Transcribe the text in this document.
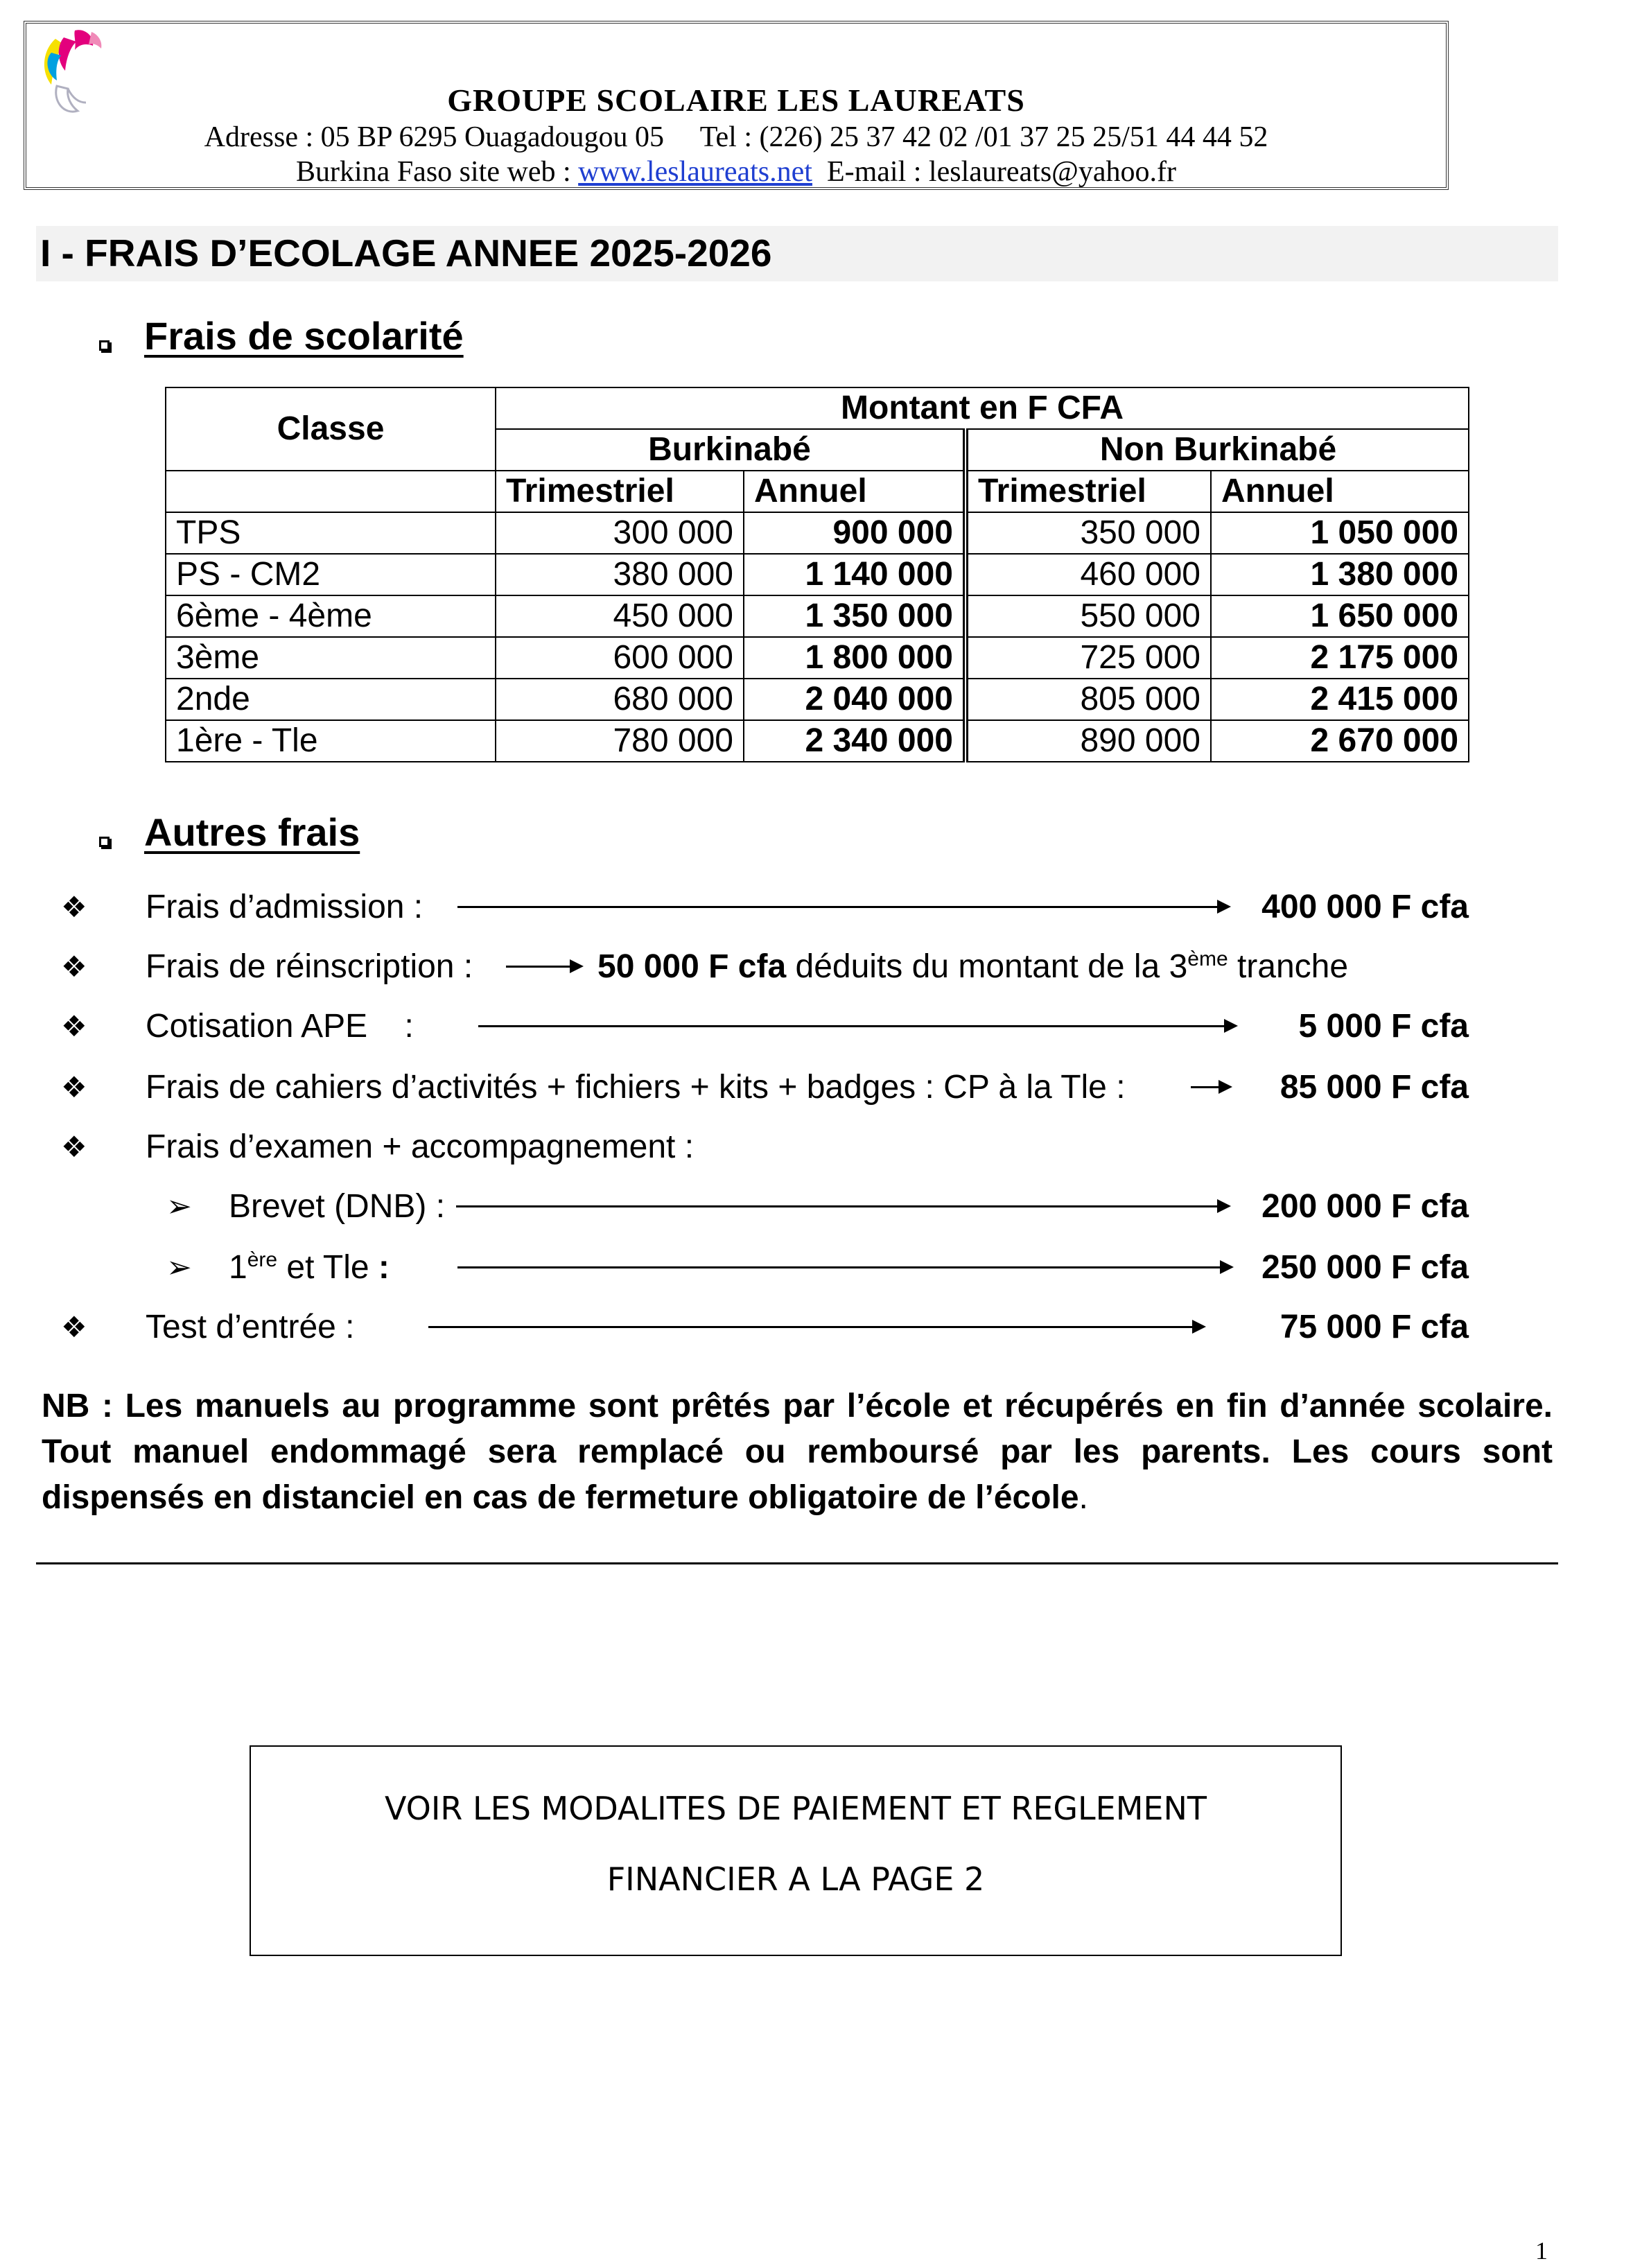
GROUPE SCOLAIRE LES LAUREATS
Adresse : 05 BP 6295 Ouagadougou 05     Tel : (226) 25 37 42 02 /01 37 25 25/51 44 44 52
Burkina Faso site web : www.leslaureats.net  E-mail : leslaureats@yahoo.fr
I - FRAIS D’ECOLAGE ANNEE 2025-2026
Frais de scolarité
Classe	Montant en F CFA			
	Burkinabé		Non Burkinabé	
	Trimestriel	Annuel	Trimestriel	Annuel
TPS	300 000	900 000	350 000	1 050 000
PS - CM2	380 000	1 140 000	460 000	1 380 000
6ème - 4ème	450 000	1 350 000	550 000	1 650 000
3ème	600 000	1 800 000	725 000	2 175 000
2nde	680 000	2 040 000	805 000	2 415 000
1ère - Tle	780 000	2 340 000	890 000	2 670 000
Autres frais
❖ Frais d’admission :	400 000 F cfa
❖ Frais de réinscription :	50 000 F cfa déduits du montant de la 3ème tranche
❖ Cotisation APE    :	5 000 F cfa
❖ Frais de cahiers d’activités + fichiers + kits + badges : CP à la Tle :	85 000 F cfa
❖ Frais d’examen + accompagnement :
➢ Brevet (DNB) :	200 000 F cfa
➢ 1ère et Tle :	250 000 F cfa
❖ Test d’entrée :	75 000 F cfa
NB : Les manuels au programme sont prêtés par l’école et récupérés en fin d’année scolaire. Tout manuel endommagé sera remplacé ou remboursé par les parents. Les cours sont dispensés en distanciel en cas de fermeture obligatoire de l’école.
VOIR LES MODALITES DE PAIEMENT ET REGLEMENT
FINANCIER A LA PAGE 2
1
